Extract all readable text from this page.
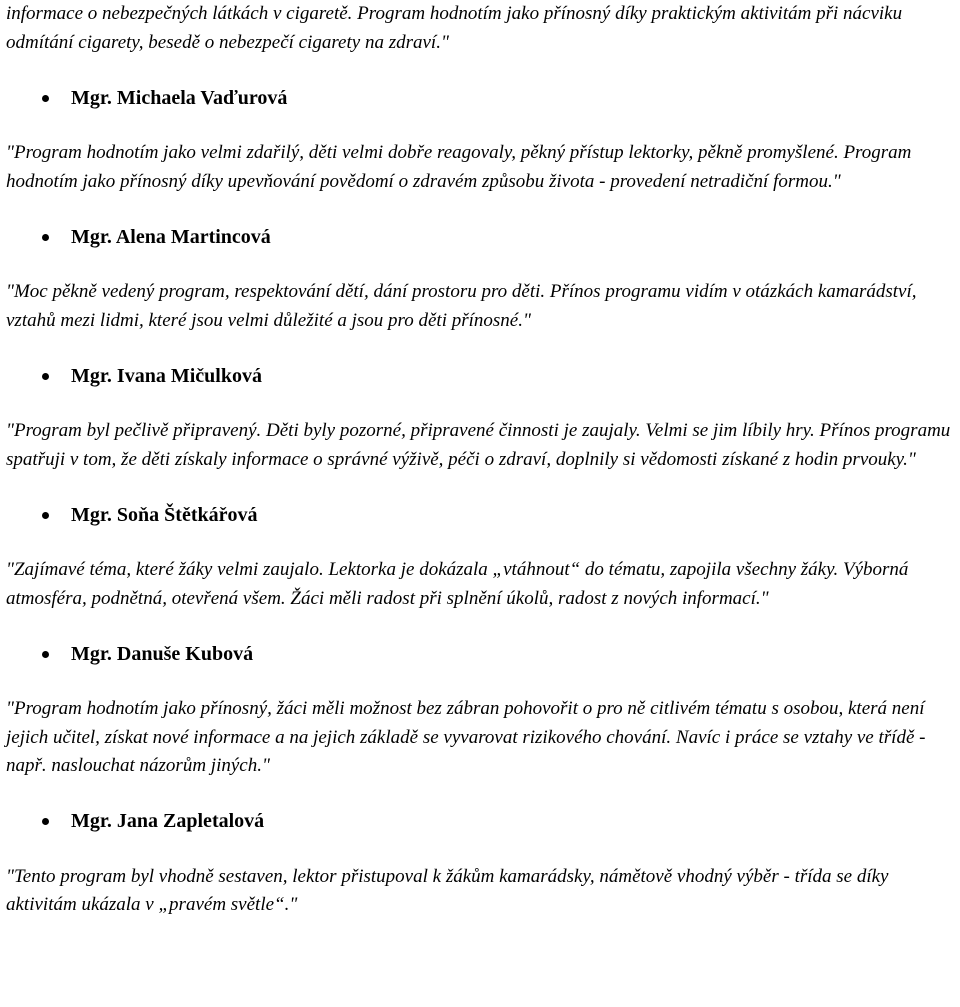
informace o nebezpečných látkách v cigaretě. Program hodnotím jako přínosný díky praktickým aktivitám při nácviku odmítání cigarety, besedě o nebezpečí cigarety na zdraví."

Mgr. Michaela Vaďurová

"Program hodnotím jako velmi zdařilý, děti velmi dobře reagovaly, pěkný přístup lektorky, pěkně promyšlené. Program hodnotím jako přínosný díky upevňování povědomí o zdravém způsobu života - provedení netradiční formou."

Mgr. Alena Martincová

"Moc pěkně vedený program, respektování dětí, dání prostoru pro děti. Přínos programu vidím v otázkách kamarádství, vztahů mezi lidmi, které jsou velmi důležité a jsou pro děti přínosné."

Mgr. Ivana Mičulková

"Program byl pečlivě připravený. Děti byly pozorné, připravené činnosti je zaujaly. Velmi se jim líbily hry. Přínos programu spatřuji v tom, že děti získaly informace o správné výživě, péči o zdraví, doplnily si vědomosti získané z hodin prvouky."

Mgr. Soňa Štětkářová

"Zajímavé téma, které žáky velmi zaujalo. Lektorka je dokázala „vtáhnout“ do tématu, zapojila všechny žáky. Výborná atmosféra, podnětná, otevřená všem. Žáci měli radost při splnění úkolů, radost z nových informací."

Mgr. Danuše Kubová

"Program hodnotím jako přínosný, žáci měli možnost bez zábran pohovořit o pro ně citlivém tématu s osobou, která není jejich učitel, získat nové informace a na jejich základě se vyvarovat rizikového chování. Navíc i práce se vztahy ve třídě - např. naslouchat názorům jiných."

Mgr. Jana Zapletalová

"Tento program byl vhodně sestaven, lektor přistupoval k žákům kamarádsky, námětově vhodný výběr - třída se díky aktivitám ukázala v „pravém světle“."
